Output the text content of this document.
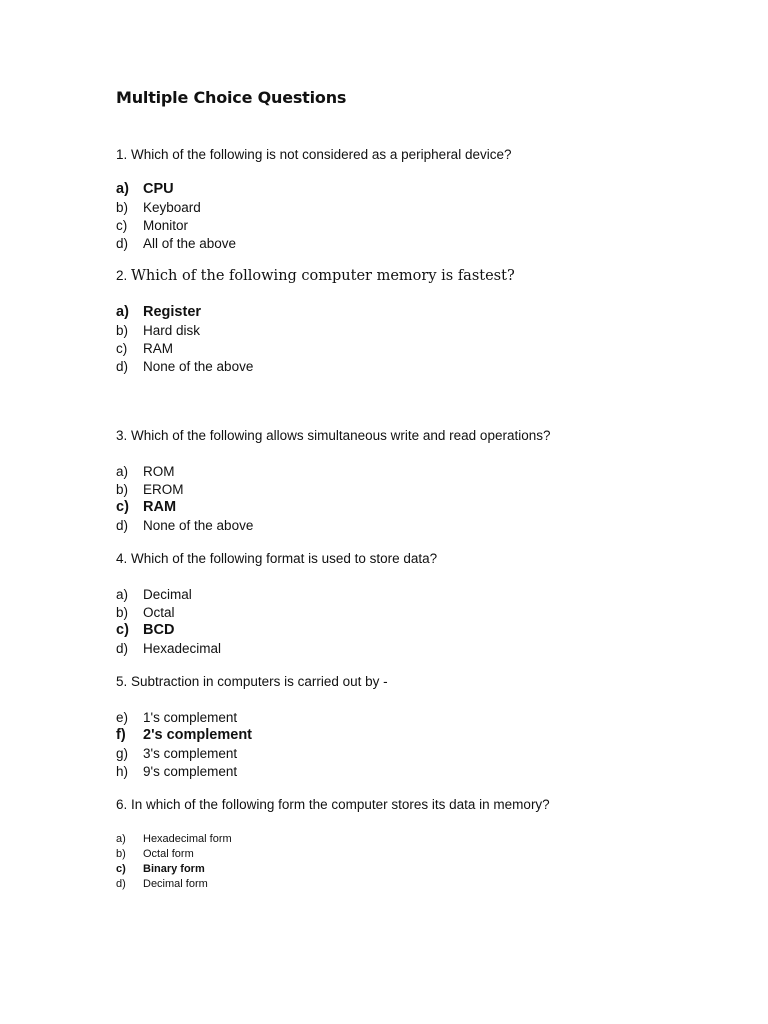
Multiple Choice Questions

1. Which of the following is not considered as a peripheral device?

a) CPU
b)	Keyboard
c)	Monitor
d)	All of the above

2. Which of the following computer memory is fastest?

a) Register
b)	Hard disk
c)	RAM
d)	None of the above

3. Which of the following allows simultaneous write and read operations?

a)	ROM
b)	EROM
c) RAM
d)	None of the above

4. Which of the following format is used to store data?

a)	Decimal
b)	Octal
c) BCD
d)	Hexadecimal

5. Subtraction in computers is carried out by -

e)	1's complement
f)	2's complement
g)	3's complement
h)	9's complement

6. In which of the following form the computer stores its data in memory?

a)	Hexadecimal form
b)	Octal form
c)	Binary form
d)	Decimal form
